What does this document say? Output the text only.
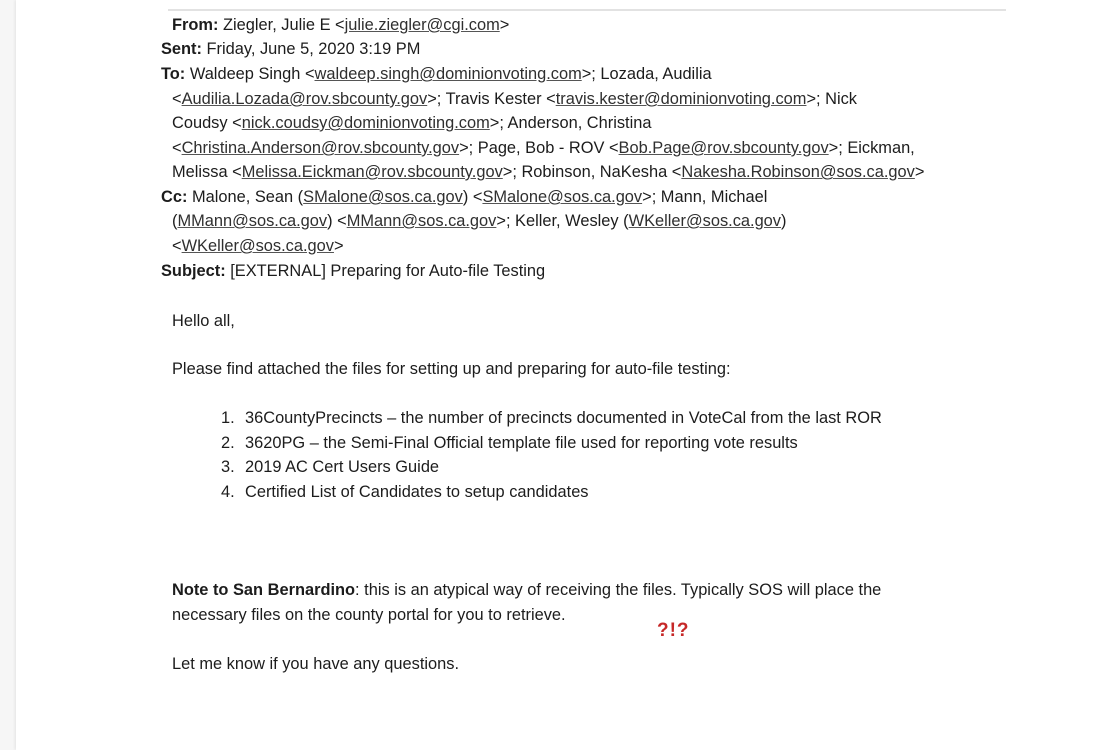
From: Ziegler, Julie E <julie.ziegler@cgi.com>
Sent: Friday, June 5, 2020 3:19 PM
To: Waldeep Singh <waldeep.singh@dominionvoting.com>; Lozada, Audilia
<Audilia.Lozada@rov.sbcounty.gov>; Travis Kester <travis.kester@dominionvoting.com>; Nick
Coudsy <nick.coudsy@dominionvoting.com>; Anderson, Christina
<Christina.Anderson@rov.sbcounty.gov>; Page, Bob - ROV <Bob.Page@rov.sbcounty.gov>; Eickman,
Melissa <Melissa.Eickman@rov.sbcounty.gov>; Robinson, NaKesha <Nakesha.Robinson@sos.ca.gov>
Cc: Malone, Sean (SMalone@sos.ca.gov) <SMalone@sos.ca.gov>; Mann, Michael
(MMann@sos.ca.gov) <MMann@sos.ca.gov>; Keller, Wesley (WKeller@sos.ca.gov)
<WKeller@sos.ca.gov>
Subject: [EXTERNAL] Preparing for Auto-file Testing
Hello all,
Please find attached the files for setting up and preparing for auto-file testing:
1. 36CountyPrecincts – the number of precincts documented in VoteCal from the last ROR
2. 3620PG – the Semi-Final Official template file used for reporting vote results
3. 2019 AC Cert Users Guide
4. Certified List of Candidates to setup candidates
Note to San Bernardino: this is an atypical way of receiving the files. Typically SOS will place the
necessary files on the county portal for you to retrieve.
Let me know if you have any questions.
?!?
